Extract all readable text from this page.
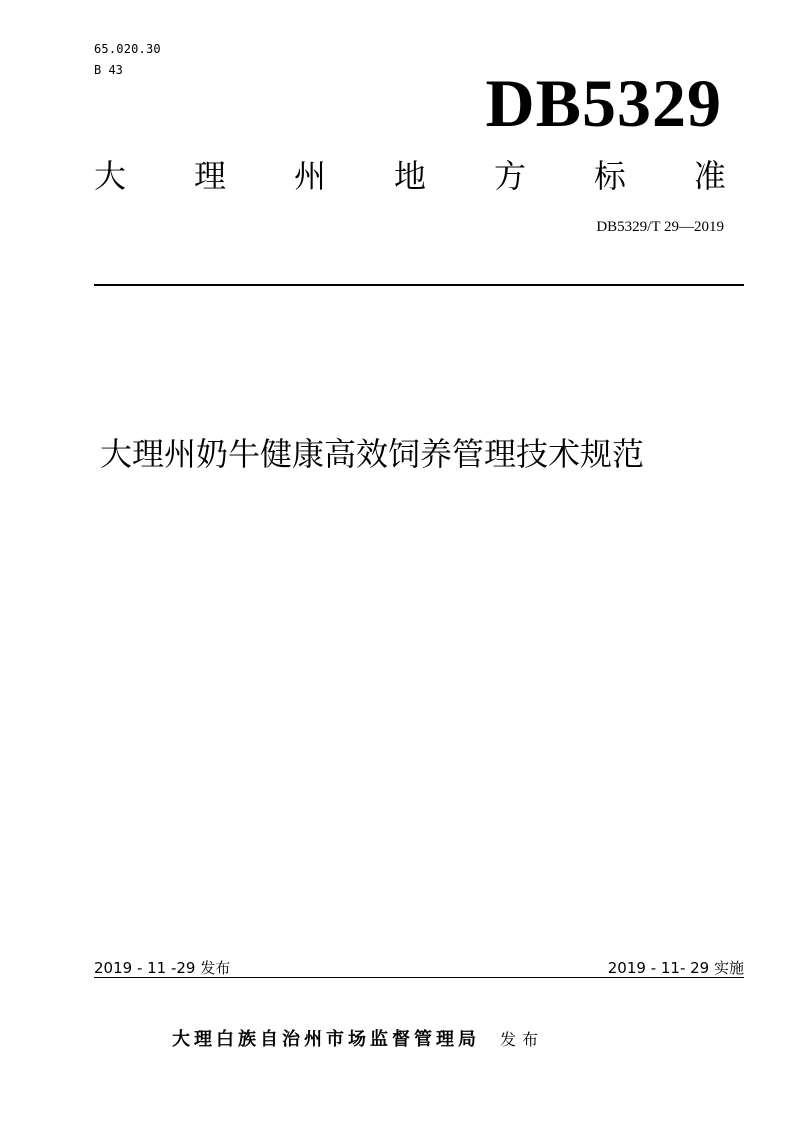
65.020.30
B 43	DB5329
大 理 州 地 方 标 准
DB5329/T 29—2019
大理州奶牛健康高效饲养管理技术规范
2019 - 11 -29 发布	2019 - 11- 29 实施
大理白族自治州市场监督管理局 发布
